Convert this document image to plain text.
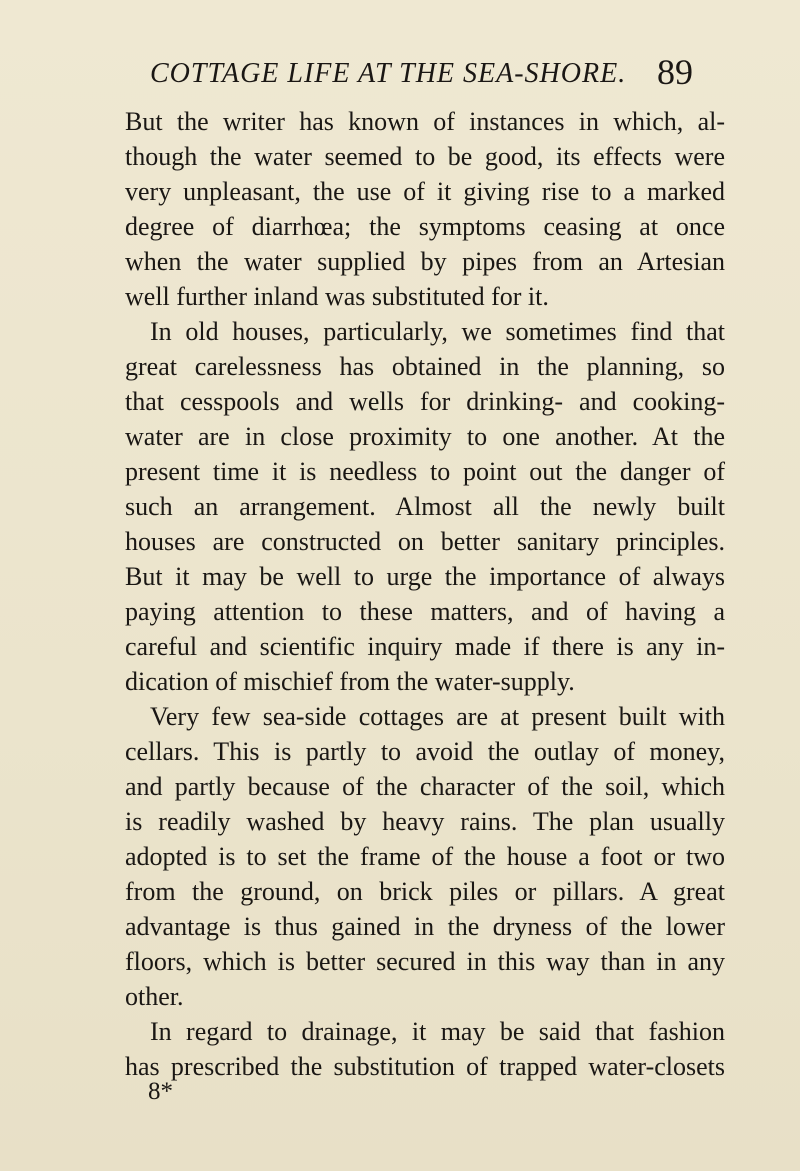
COTTAGE LIFE AT THE SEA-SHORE. 89
But the writer has known of instances in which, al-
though the water seemed to be good, its effects were
very unpleasant, the use of it giving rise to a marked
degree of diarrhœa; the symptoms ceasing at once
when the water supplied by pipes from an Artesian
well further inland was substituted for it.
In old houses, particularly, we sometimes find that
great carelessness has obtained in the planning, so
that cesspools and wells for drinking- and cooking-
water are in close proximity to one another. At the
present time it is needless to point out the danger of
such an arrangement. Almost all the newly built
houses are constructed on better sanitary principles.
But it may be well to urge the importance of always
paying attention to these matters, and of having a
careful and scientific inquiry made if there is any in-
dication of mischief from the water-supply.
Very few sea-side cottages are at present built with
cellars. This is partly to avoid the outlay of money,
and partly because of the character of the soil, which
is readily washed by heavy rains. The plan usually
adopted is to set the frame of the house a foot or two
from the ground, on brick piles or pillars. A great
advantage is thus gained in the dryness of the lower
floors, which is better secured in this way than in any
other.
In regard to drainage, it may be said that fashion
has prescribed the substitution of trapped water-closets
8*
